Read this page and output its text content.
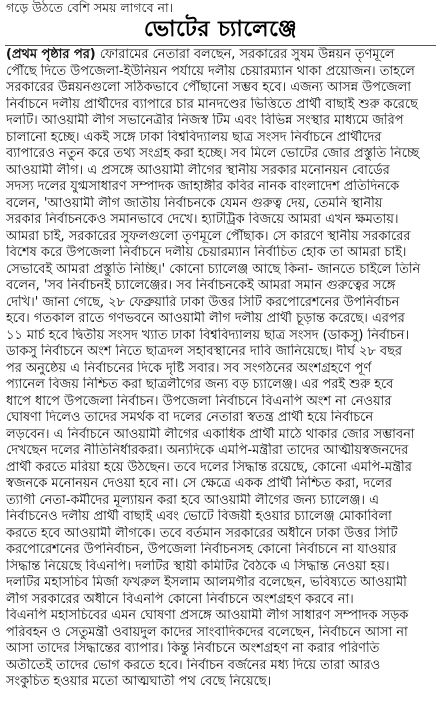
গড়ে উঠতে বেশি সময় লাগবে না।
ভোটের চ্যালেঞ্জে
(প্রথম পৃষ্ঠার পর) ফোরামের নেতারা বলছেন, সরকারের সুষম উন্নয়ন তৃণমূলে
পৌঁছে দিতে উপজেলা-ইউনিয়ন পর্যায়ে দলীয় চেয়ারম্যান থাকা প্রয়োজন। তাহলে
সরকারের উন্নয়নগুলো সঠিকভাবে পৌঁছানো সম্ভব হবে। এজন্য আসন্ন উপজেলা
নির্বাচনে দলীয় প্রার্থীদের ব্যাপারে চার মানদণ্ডের ভিত্তিতে প্রার্থী বাছাই শুরু করেছে
দলটি। আওয়ামী লীগ সভানেত্রীর নিজস্ব টিম এবং বিভিন্ন সংস্থার মাধ্যমে জরিপ
চালানো হচ্ছে। একই সঙ্গে ঢাকা বিশ্ববিদ্যালয় ছাত্র সংসদ নির্বাচনে প্রার্থীদের
ব্যাপারেও নতুন করে তথ্য সংগ্রহ করা হচ্ছে। সব মিলে ভোটের জোর প্রস্তুতি নিচ্ছে
আওয়ামী লীগ। এ প্রসঙ্গে আওয়ামী লীগের স্থানীয় সরকার মনোনয়ন বোর্ডের
সদস্য দলের যুগ্মসাধারণ সম্পাদক জাহাঙ্গীর কবির নানক বাংলাদেশ প্রতিদিনকে
বলেন, 'আওয়ামী লীগ জাতীয় নির্বাচনকে যেমন গুরুত্ব দেয়, তেমনি স্থানীয়
সরকার নির্বাচনকেও সমানভাবে দেখে। হ্যাটট্রিক বিজয়ে আমরা এখন ক্ষমতায়।
আমরা চাই, সরকারের সুফলগুলো তৃণমূলে পৌঁছাক। সে কারণে স্থানীয় সরকারের
বিশেষ করে উপজেলা নির্বাচনে দলীয় চেয়ারম্যান নির্বাচিত হোক তা আমরা চাই।
সেভাবেই আমরা প্রস্তুতি নিচ্ছি।' কোনো চ্যালেঞ্জ আছে কিনা- জানতে চাইলে তিনি
বলেন, 'সব নির্বাচনই চ্যালেঞ্জের। সব নির্বাচনকেই আমরা সমান গুরুত্বের সঙ্গে
দেখি।' জানা গেছে, ২৮ ফেব্রুয়ারি ঢাকা উত্তর সিটি করপোরেশনের উপনির্বাচন
হবে। গতকাল রাতে গণভবনে আওয়ামী লীগ দলীয় প্রার্থী চূড়ান্ত করেছে। এরপর
১১ মার্চ হবে দ্বিতীয় সংসদ খ্যাত ঢাকা বিশ্ববিদ্যালয় ছাত্র সংসদ (ডাকসু) নির্বাচন।
ডাকসু নির্বাচনে অংশ নিতে ছাত্রদল সহাবস্থানের দাবি জানিয়েছে। দীর্ঘ ২৮ বছর
পর অনুষ্ঠেয় এ নির্বাচনের দিকে দৃষ্টি সবার। সব সংগঠনের অংশগ্রহণে পূর্ণ
প্যানেল বিজয় নিশ্চিত করা ছাত্রলীগের জন্য বড় চ্যালেঞ্জ। এর পরই শুরু হবে
ধাপে ধাপে উপজেলা নির্বাচন। উপজেলা নির্বাচনে বিএনপি অংশ না নেওয়ার
ঘোষণা দিলেও তাদের সমর্থক বা দলের নেতারা স্বতন্ত্র প্রার্থী হয়ে নির্বাচনে
লড়বেন। এ নির্বাচনে আওয়ামী লীগের একাধিক প্রার্থী মাঠে থাকার জোর সম্ভাবনা
দেখছেন দলের নীতিনির্ধারকরা। অন্যদিকে এমপি-মন্ত্রীরা তাদের আত্মীয়স্বজনদের
প্রার্থী করতে মরিয়া হয়ে উঠছেন। তবে দলের সিদ্ধান্ত রয়েছে, কোনো এমপি-মন্ত্রীর
স্বজনকে মনোনয়ন দেওয়া হবে না। সে ক্ষেত্রে একক প্রার্থী নিশ্চিত করা, দলের
ত্যাগী নেতা-কর্মীদের মূল্যায়ন করা হবে আওয়ামী লীগের জন্য চ্যালেঞ্জ। এ
নির্বাচনেও দলীয় প্রার্থী বাছাই এবং ভোটে বিজয়ী হওয়ার চ্যালেঞ্জ মোকাবিলা
করতে হবে আওয়ামী লীগকে। তবে বর্তমান সরকারের অধীনে ঢাকা উত্তর সিটি
করপোরেশনের উপনির্বাচন, উপজেলা নির্বাচনসহ কোনো নির্বাচনে না যাওয়ার
সিদ্ধান্ত নিয়েছে বিএনপি। দলটির স্থায়ী কমিটির বৈঠকে এ সিদ্ধান্ত নেওয়া হয়।
দলটির মহাসচিব মির্জা ফখরুল ইসলাম আলমগীর বলেছেন, ভবিষ্যতে আওয়ামী
লীগ সরকারের অধীনে বিএনপি কোনো নির্বাচনে অংশগ্রহণ করবে না।
বিএনপি মহাসচিবের এমন ঘোষণা প্রসঙ্গে আওয়ামী লীগ সাধারণ সম্পাদক সড়ক
পরিবহন ও সেতুমন্ত্রী ওবায়দুল কাদের সাংবাদিকদের বলেছেন, নির্বাচনে আসা না
আসা তাদের সিদ্ধান্তের ব্যাপার। কিন্তু নির্বাচনে অংশগ্রহণ না করার পরিণতি
অতীতেই তাদের ভোগ করতে হবে। নির্বাচন বর্জনের মধ্য দিয়ে তারা আরও
সংকুচিত হওয়ার মতো আত্মঘাতী পথ বেছে নিয়েছে।
